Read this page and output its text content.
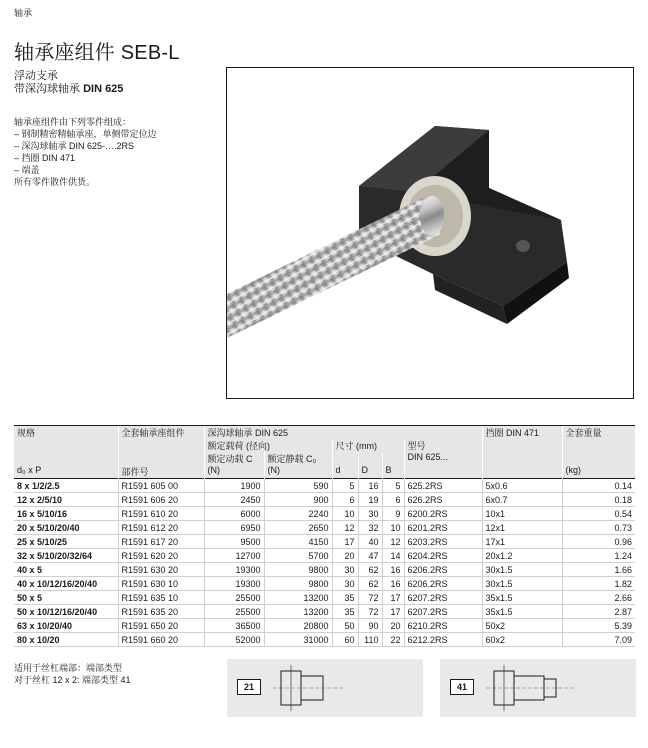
轴承
轴承座组件 SEB-L
浮动支承
带深沟球轴承 DIN 625
轴承座组件由下列零件组成：
– 钢制精密精轴承座，单侧带定位边
– 深沟球轴承 DIN 625-….2RS
– 挡圈 DIN 471
– 端盖
所有零件散件供货。
规格	全套轴承座组件	深沟球轴承 DIN 625						挡圈 DIN 471	全套重量
		额定载荷 (径向)		尺寸 (mm)			型号		
		额定动载 C	额定静载 C₀				DIN 625...		
d₀ x P	部件号	(N)	(N)	d	D	B			(kg)
8 x 1/2/2.5	R1591 605 00	1900	590	5	16	5	625.2RS	5x0.6	0.14
12 x 2/5/10	R1591 606 20	2450	900	6	19	6	626.2RS	6x0.7	0.18
16 x 5/10/16	R1591 610 20	6000	2240	10	30	9	6200.2RS	10x1	0.54
20 x 5/10/20/40	R1591 612 20	6950	2650	12	32	10	6201.2RS	12x1	0.73
25 x 5/10/25	R1591 617 20	9500	4150	17	40	12	6203.2RS	17x1	0.96
32 x 5/10/20/32/64	R1591 620 20	12700	5700	20	47	14	6204.2RS	20x1.2	1.24
40 x 5	R1591 630 20	19300	9800	30	62	16	6206.2RS	30x1.5	1.66
40 x 10/12/16/20/40	R1591 630 10	19300	9800	30	62	16	6206.2RS	30x1.5	1.82
50 x 5	R1591 635 10	25500	13200	35	72	17	6207.2RS	35x1.5	2.66
50 x 10/12/16/20/40	R1591 635 20	25500	13200	35	72	17	6207.2RS	35x1.5	2.87
63 x 10/20/40	R1591 650 20	36500	20800	50	90	20	6210.2RS	50x2	5.39
80 x 10/20	R1591 660 20	52000	31000	60	110	22	6212.2RS	60x2	7.09
适用于丝杠端部：端部类型
对于丝杠 12 x 2: 端部类型 41
21	41
